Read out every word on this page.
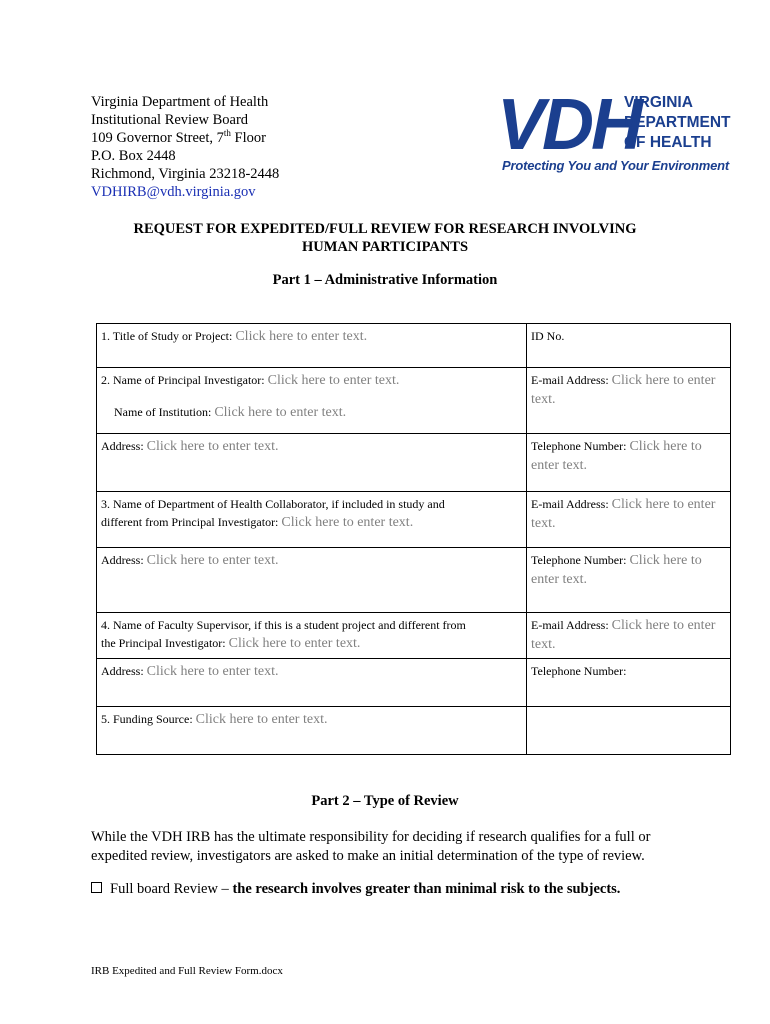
Virginia Department of Health
Institutional Review Board
109 Governor Street, 7th Floor
P.O. Box 2448
Richmond, Virginia 23218-2448
VDHIRB@vdh.virginia.gov
VDH
VIRGINIA
DEPARTMENT
OF HEALTH
Protecting You and Your Environment
REQUEST FOR EXPEDITED/FULL REVIEW FOR RESEARCH INVOLVING
HUMAN PARTICIPANTS
Part 1 – Administrative Information
1. Title of Study or Project: Click here to enter text.	ID No.
2. Name of Principal Investigator: Click here to enter text.
Name of Institution: Click here to enter text.	E-mail Address: Click here to enter text.
Address: Click here to enter text.	Telephone Number: Click here to enter text.

3. Name of Department of Health Collaborator, if included in study and
different from Principal Investigator: Click here to enter text.	E-mail Address: Click here to enter text.
Address: Click here to enter text.	Telephone Number: Click here to enter text.

4. Name of Faculty Supervisor, if this is a student project and different from
the Principal Investigator: Click here to enter text.	E-mail Address: Click here to enter text.
Address: Click here to enter text.	Telephone Number:
5. Funding Source: Click here to enter text.	
Part 2 – Type of Review
While the VDH IRB has the ultimate responsibility for deciding if research qualifies for a full or expedited review, investigators are asked to make an initial determination of the type of review.
Full board Review – the research involves greater than minimal risk to the subjects.
IRB Expedited and Full Review Form.docx
